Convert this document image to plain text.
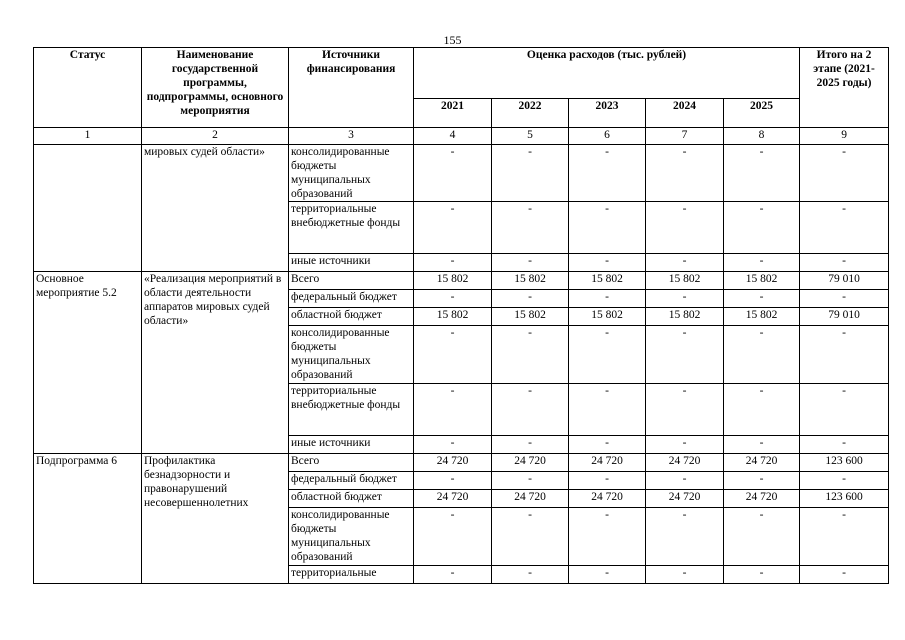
155
Статус	Наименование государственной программы, подпрограммы, основного мероприятия	Источники финансирования	Оценка расходов (тыс. рублей)					Итого на 2 этапе (2021-2025 годы)
			2021	2022	2023	2024	2025	
1	2	3	4	5	6	7	8	9
	мировых судей области»	консолидированные бюджеты муниципальных образований	-	-	-	-	-	-
		территориальные внебюджетные фонды	-	-	-	-	-	-
		иные источники	-	-	-	-	-	-
Основное мероприятие 5.2	«Реализация мероприятий в области деятельности аппаратов мировых судей области»	Всего	15 802	15 802	15 802	15 802	15 802	79 010
		федеральный бюджет	-	-	-	-	-	-
		областной бюджет	15 802	15 802	15 802	15 802	15 802	79 010
		консолидированные бюджеты муниципальных образований	-	-	-	-	-	-
		территориальные внебюджетные фонды	-	-	-	-	-	-
		иные источники	-	-	-	-	-	-
Подпрограмма 6	Профилактика безнадзорности и правонарушений несовершеннолетних	Всего	24 720	24 720	24 720	24 720	24 720	123 600
		федеральный бюджет	-	-	-	-	-	-
		областной бюджет	24 720	24 720	24 720	24 720	24 720	123 600
		консолидированные бюджеты муниципальных образований	-	-	-	-	-	-
		территориальные	-	-	-	-	-	-
